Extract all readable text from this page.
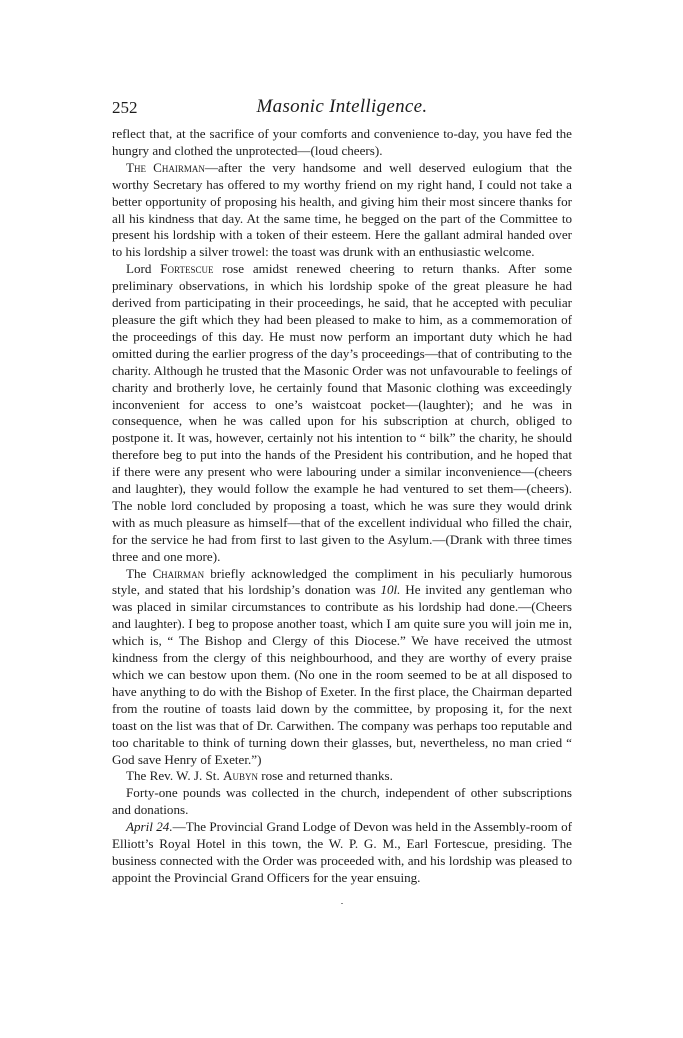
252	Masonic Intelligence.

reflect that, at the sacrifice of your comforts and convenience to-day, you have fed the hungry and clothed the unprotected—(loud cheers).

The Chairman—after the very handsome and well deserved eulogium that the worthy Secretary has offered to my worthy friend on my right hand, I could not take a better opportunity of proposing his health, and giving him their most sincere thanks for all his kindness that day. At the same time, he begged on the part of the Committee to present his lordship with a token of their esteem. Here the gallant admiral handed over to his lordship a silver trowel: the toast was drunk with an enthusiastic welcome.

Lord Fortescue rose amidst renewed cheering to return thanks. After some preliminary observations, in which his lordship spoke of the great pleasure he had derived from participating in their proceedings, he said, that he accepted with peculiar pleasure the gift which they had been pleased to make to him, as a commemoration of the proceedings of this day. He must now perform an important duty which he had omitted during the earlier progress of the day’s proceedings—that of contributing to the charity. Although he trusted that the Masonic Order was not unfavourable to feelings of charity and brotherly love, he certainly found that Masonic clothing was exceedingly inconvenient for access to one’s waistcoat pocket—(laughter); and he was in consequence, when he was called upon for his subscription at church, obliged to postpone it. It was, however, certainly not his intention to “ bilk” the charity, he should therefore beg to put into the hands of the President his contribution, and he hoped that if there were any present who were labouring under a similar inconvenience—(cheers and laughter), they would follow the example he had ventured to set them—(cheers). The noble lord concluded by proposing a toast, which he was sure they would drink with as much pleasure as himself—that of the excellent individual who filled the chair, for the service he had from first to last given to the Asylum.—(Drank with three times three and one more).

The Chairman briefly acknowledged the compliment in his peculiarly humorous style, and stated that his lordship’s donation was 10l. He invited any gentleman who was placed in similar circumstances to contribute as his lordship had done.—(Cheers and laughter). I beg to propose another toast, which I am quite sure you will join me in, which is, “ The Bishop and Clergy of this Diocese.” We have received the utmost kindness from the clergy of this neighbourhood, and they are worthy of every praise which we can bestow upon them. (No one in the room seemed to be at all disposed to have anything to do with the Bishop of Exeter. In the first place, the Chairman departed from the routine of toasts laid down by the committee, by proposing it, for the next toast on the list was that of Dr. Carwithen. The company was perhaps too reputable and too charitable to think of turning down their glasses, but, nevertheless, no man cried “ God save Henry of Exeter.”)

The Rev. W. J. St. Aubyn rose and returned thanks.

Forty-one pounds was collected in the church, independent of other subscriptions and donations.

April 24.—The Provincial Grand Lodge of Devon was held in the Assembly-room of Elliott’s Royal Hotel in this town, the W. P. G. M., Earl Fortescue, presiding. The business connected with the Order was proceeded with, and his lordship was pleased to appoint the Provincial Grand Officers for the year ensuing.
